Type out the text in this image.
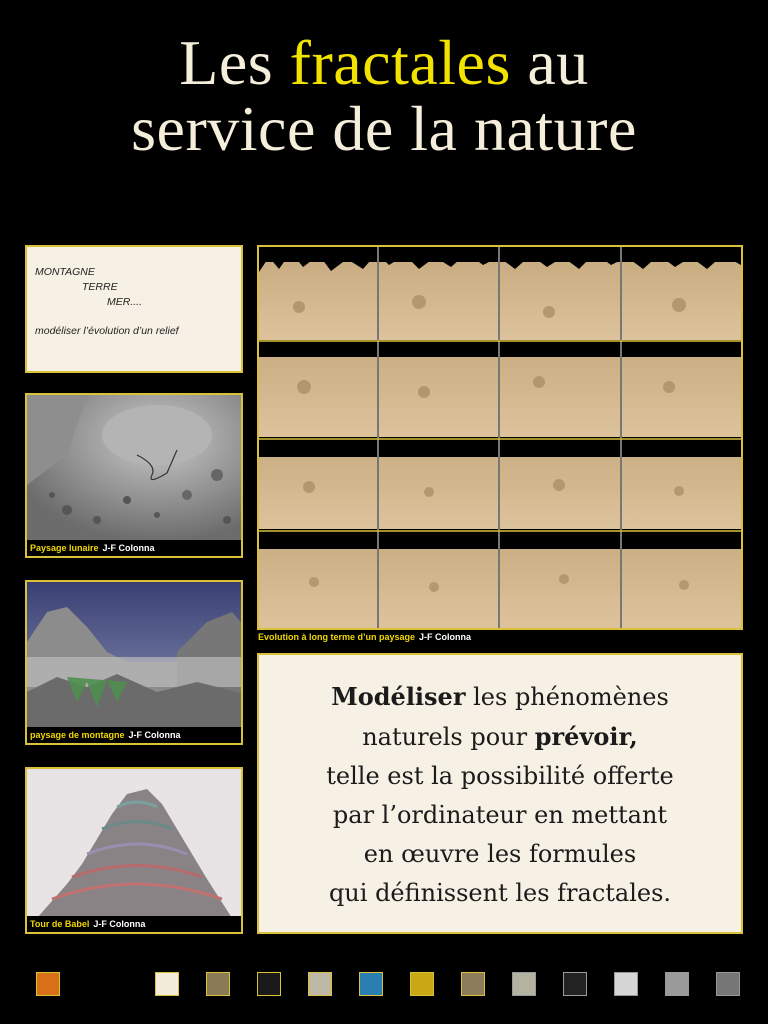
Les fractales au
service de la nature
MONTAGNE
TERRE
MER....
modéliser l’évolution d’un relief
Paysage lunaire J-F Colonna
paysage de montagne J-F Colonna
Tour de Babel J-F Colonna
Evolution à long terme d’un paysage J-F Colonna
Modéliser les phénomènes
naturels pour prévoir,
telle est la possibilité offerte
par l’ordinateur en mettant
en œuvre les formules
qui définissent les fractales.
